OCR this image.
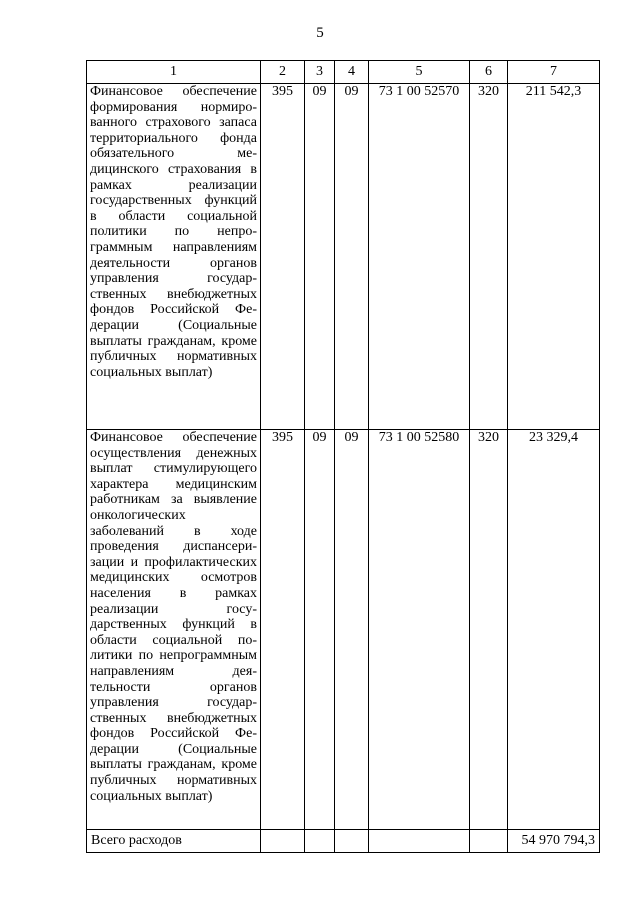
5
1	2	3	4	5	6	7
Финансовое обеспечение формирования нормированного страхового запаса территориального фонда обязательного медицинского страхования в рамках реализации государственных функций в области социальной политики по непрограммным направлениям деятельности органов управления государственных внебюджетных фондов Российской Федерации (Социальные выплаты гражданам, кроме публичных нормативных социальных выплат)	395	09	09	73 1 00 52570	320	211 542,3
Финансовое обеспечение осуществления денежных выплат стимулирующего характера медицинским работникам за выявление онкологических заболеваний в ходе проведения диспансеризации и профилактических медицинских осмотров населения в рамках реализации государственных функций в области социальной политики по непрограммным направлениям деятельности органов управления государственных внебюджетных фондов Российской Федерации (Социальные выплаты гражданам, кроме публичных нормативных социальных выплат)	395	09	09	73 1 00 52580	320	23 329,4
Всего расходов						54 970 794,3
